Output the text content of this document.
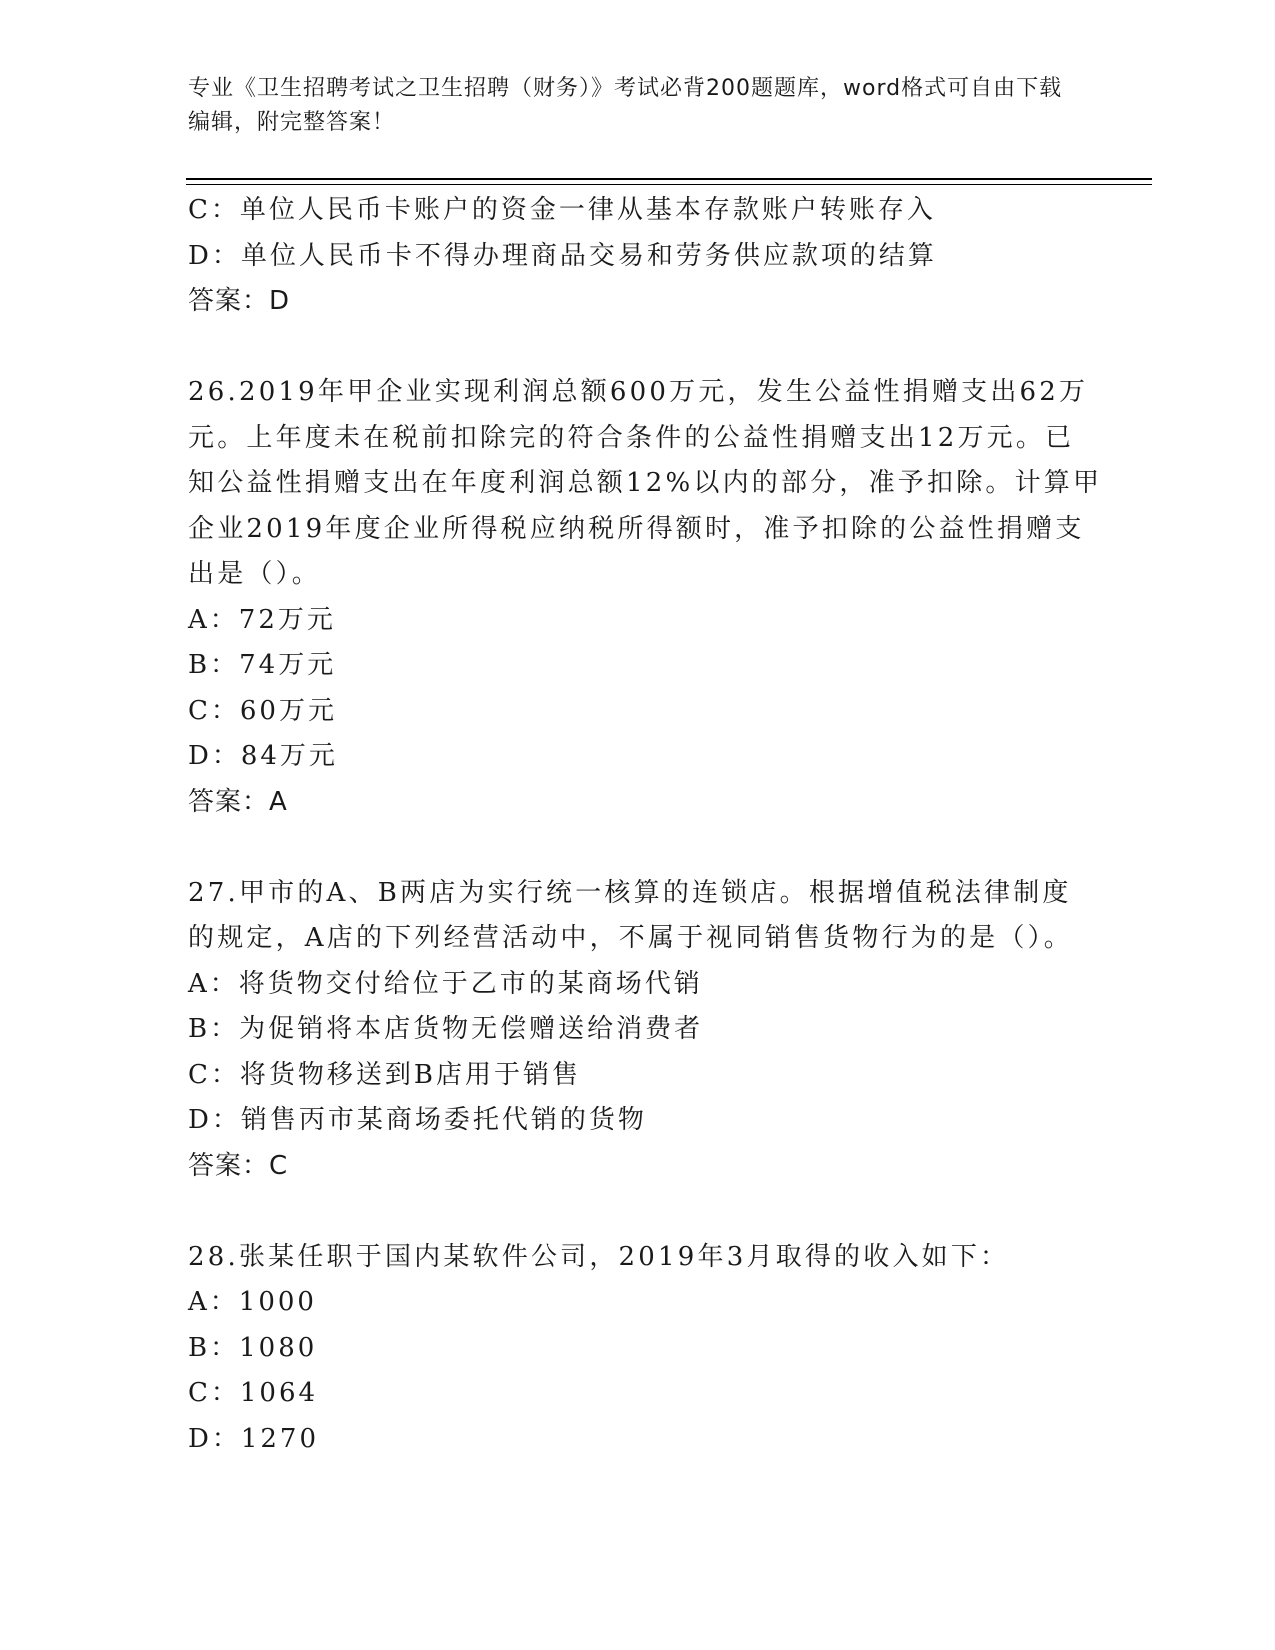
专业《卫生招聘考试之卫生招聘（财务）》考试必背200题题库，word格式可自由下载编辑，附完整答案！
C：单位人民币卡账户的资金一律从基本存款账户转账存入
D：单位人民币卡不得办理商品交易和劳务供应款项的结算
答案：D
26.2019年甲企业实现利润总额600万元，发生公益性捐赠支出62万
元。上年度未在税前扣除完的符合条件的公益性捐赠支出12万元。已
知公益性捐赠支出在年度利润总额12%以内的部分，准予扣除。计算甲
企业2019年度企业所得税应纳税所得额时，准予扣除的公益性捐赠支
出是（）。
A：72万元
B：74万元
C：60万元
D：84万元
答案：A
27.甲市的A、B两店为实行统一核算的连锁店。根据增值税法律制度
的规定，A店的下列经营活动中，不属于视同销售货物行为的是（）。
A：将货物交付给位于乙市的某商场代销
B：为促销将本店货物无偿赠送给消费者
C：将货物移送到B店用于销售
D：销售丙市某商场委托代销的货物
答案：C
28.张某任职于国内某软件公司，2019年3月取得的收入如下：
A：1000
B：1080
C：1064
D：1270
